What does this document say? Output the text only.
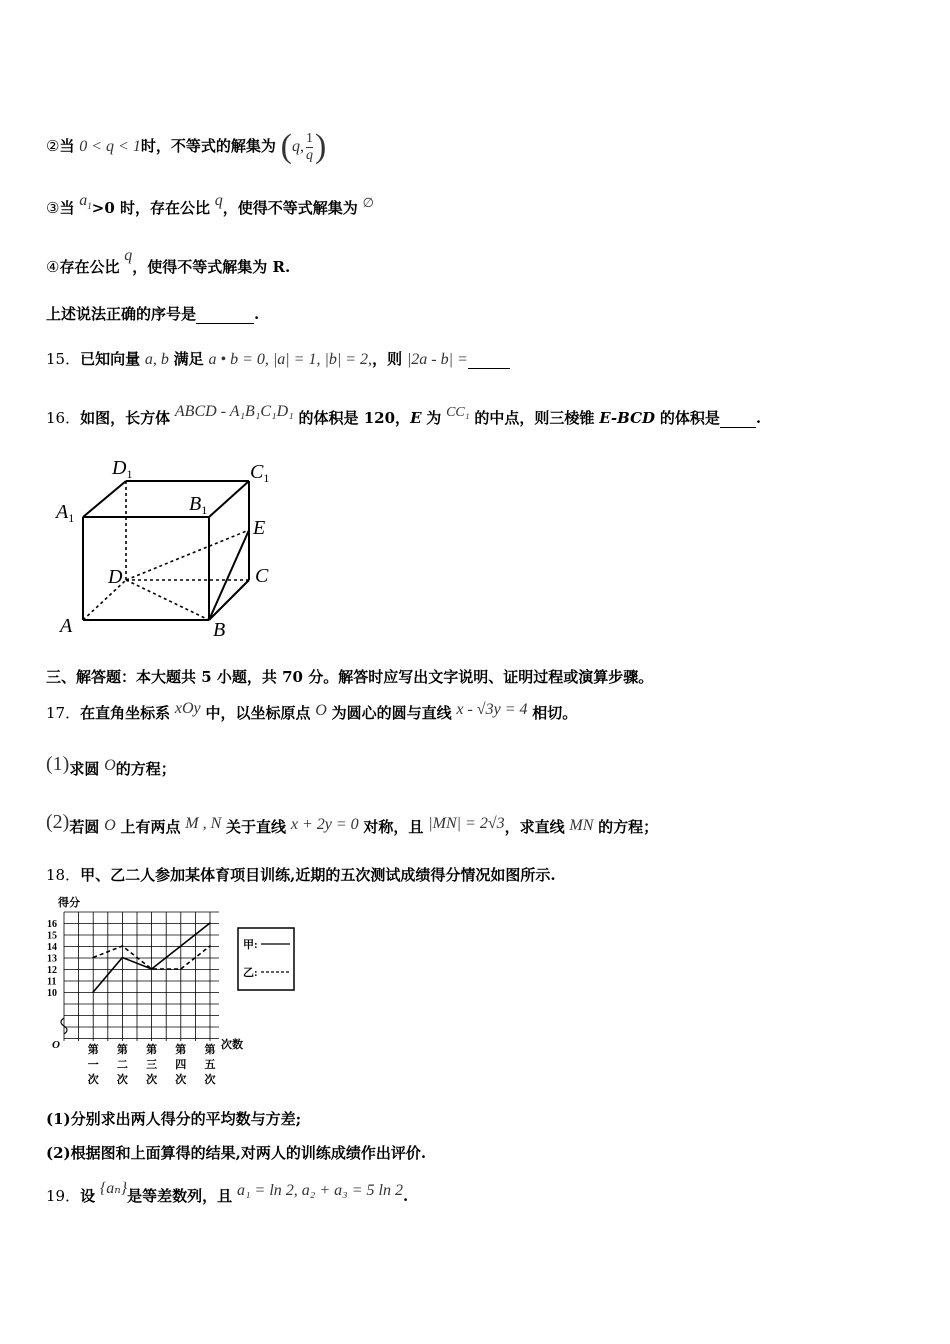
②当 0 < q < 1时，不等式的解集为 (q, $\frac{1}{q}$ )
③当 $a_1>0$ 时，存在公比 q，使得不等式解集为 ∅
④存在公比 q，使得不等式解集为 R.
上述说法正确的序号是	.
15．已知向量 a, b 满足 a • b = 0, |a| = 1, |b| = 2,，则 |2a - b| =
16．如图，长方体 ABCD - A₁B₁C₁D₁ 的体积是 120，E 为 CC₁ 的中点，则三棱锥 E-BCD 的体积是 .
$D_1$	$C_1$
$A_1$
$B_1$
E
D	C
A	B
三、解答题：本大题共 5 小题，共 70 分。解答时应写出文字说明、证明过程或演算步骤。
17．在直角坐标系 xOy 中，以坐标原点 O 为圆心的圆与直线 x - √3y = 4 相切。
(1)求圆 O的方程；
(2)若圆 O 上有两点 M , N 关于直线 x + 2y = 0 对称，且 |MN| = 2√3，求直线 MN 的方程；
18．甲、乙二人参加某体育项目训练,近期的五次测试成绩得分情况如图所示.
得分
10
11
12
13
14
15
16
第
一
次
第
二
次
第
三
次
第
四
次
第
五
次
O	次数
甲:
乙:
(1)分别求出两人得分的平均数与方差;
(2)根据图和上面算得的结果,对两人的训练成绩作出评价.
19．设 {aₙ}是等差数列，且 a₁ = ln 2, a₂ + a₃ = 5 ln 2.
